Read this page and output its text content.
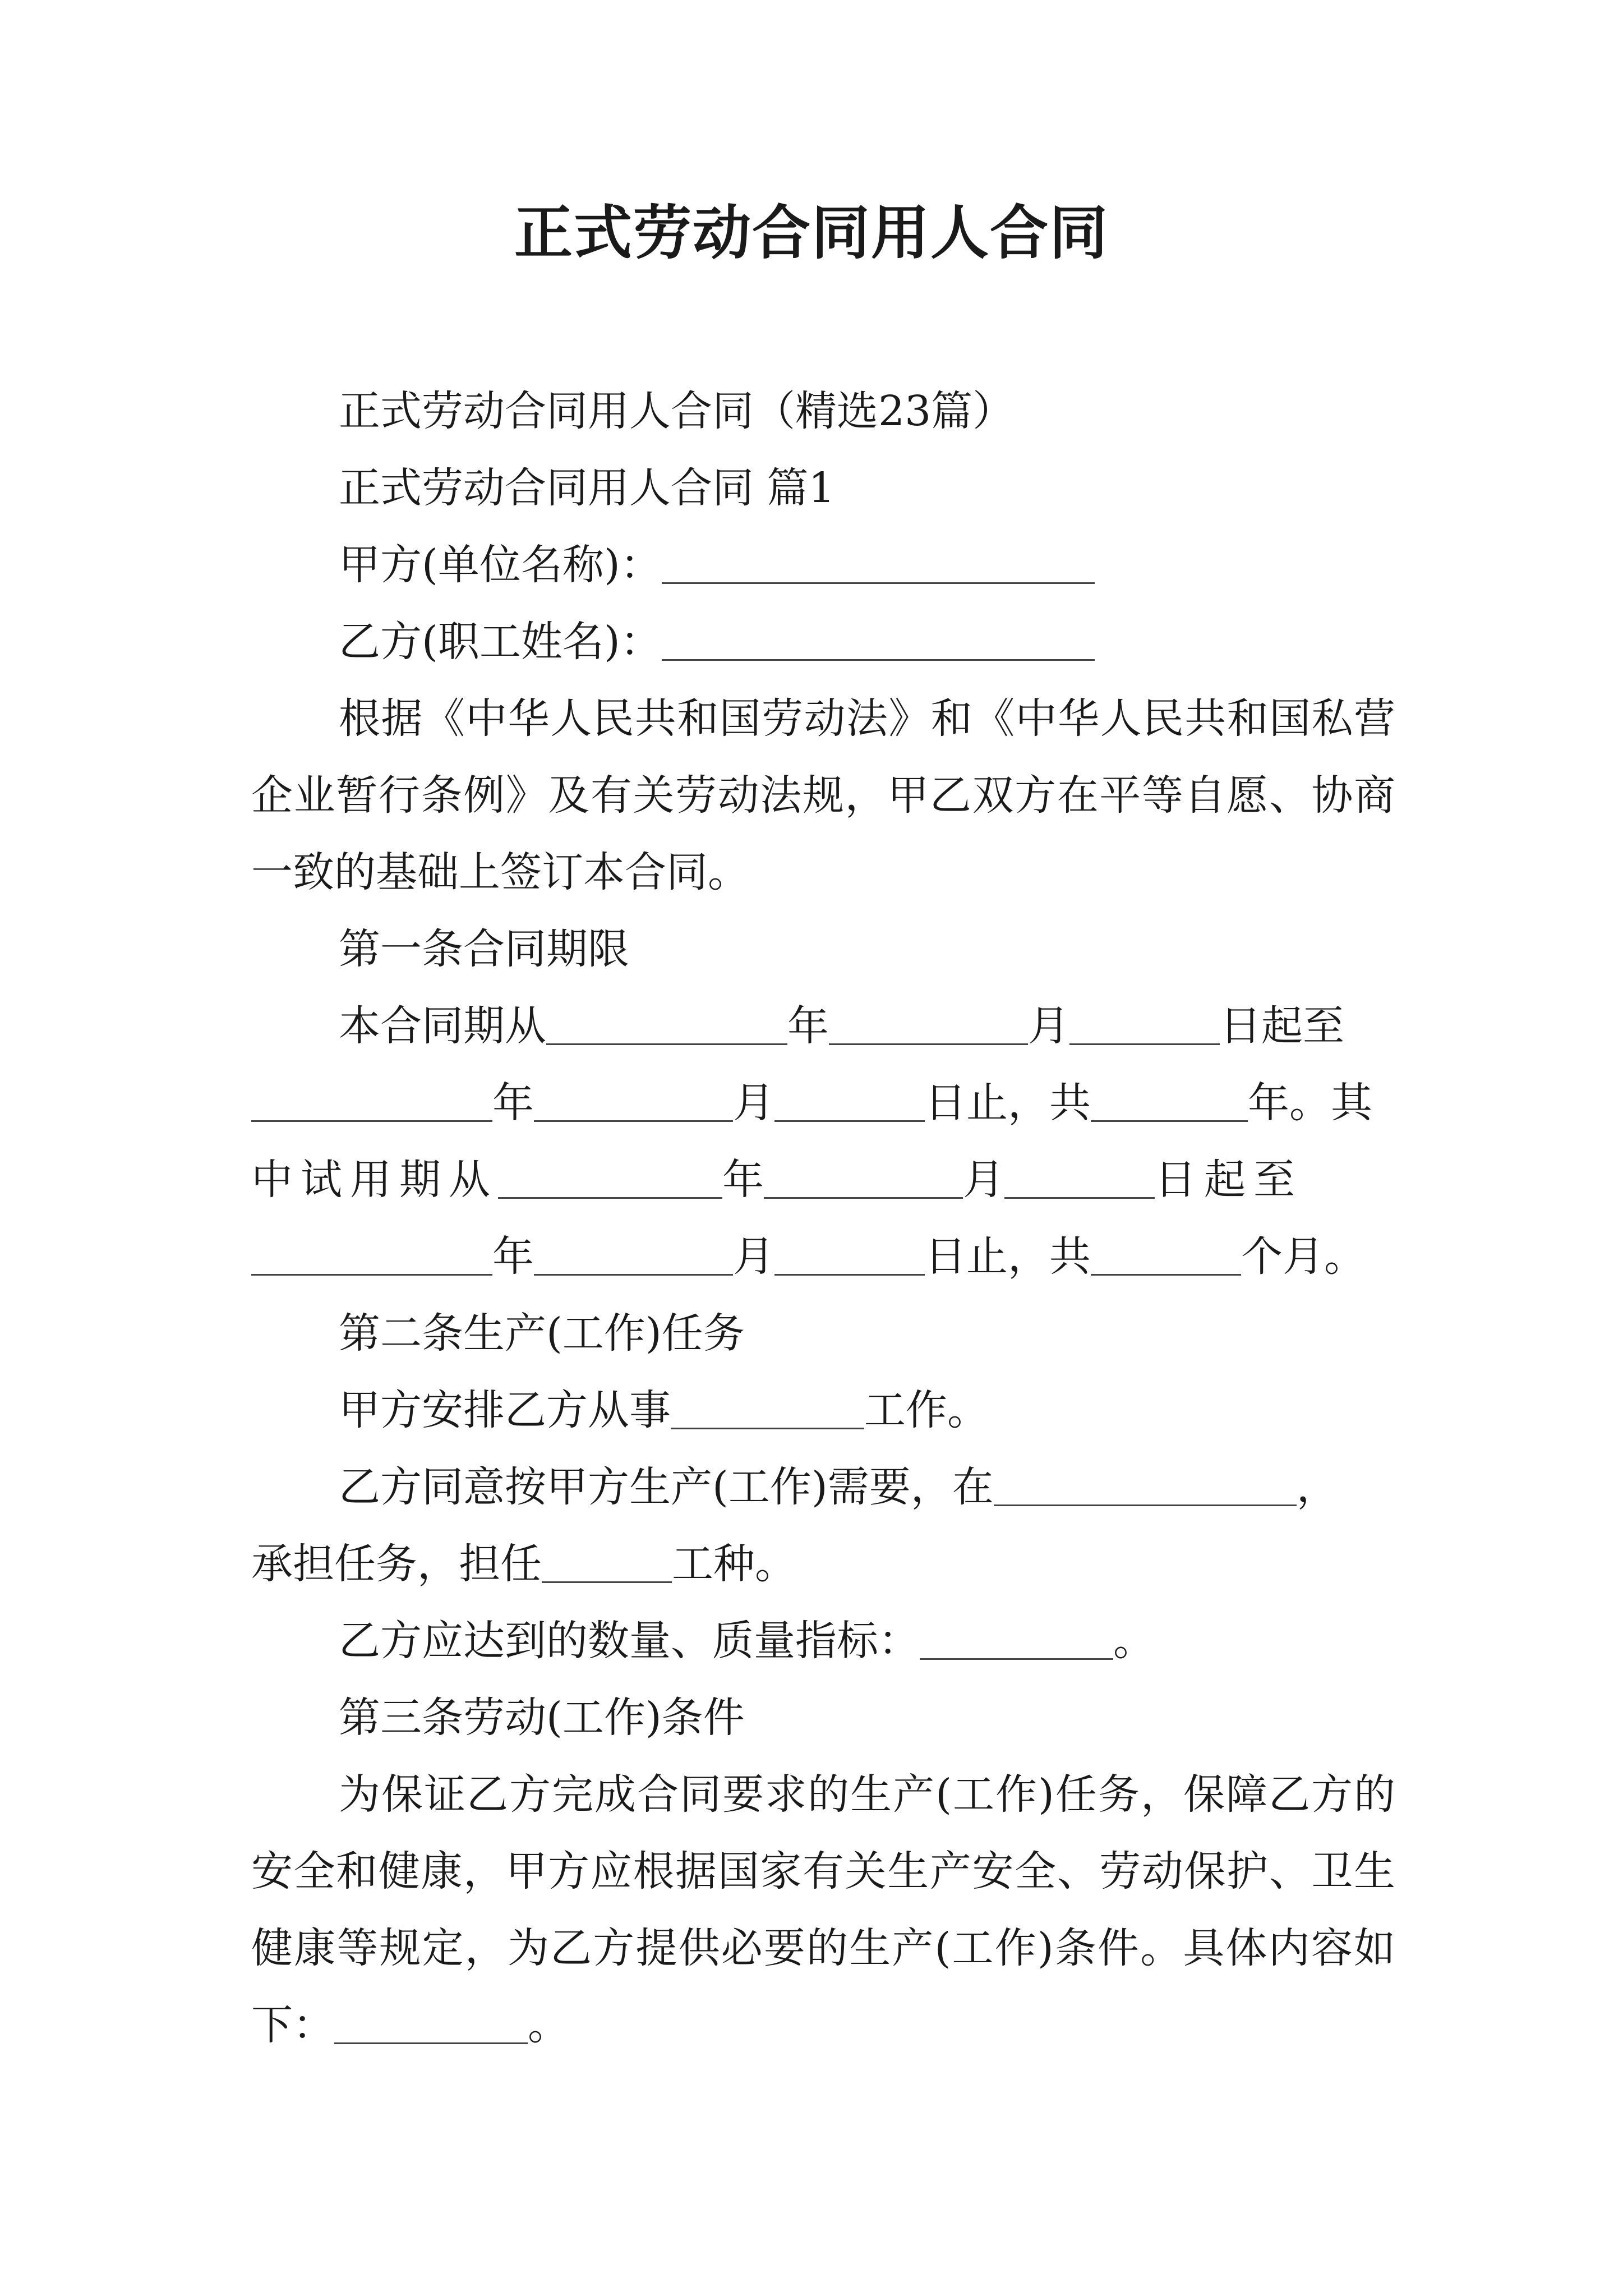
正式劳动合同用人合同
正式劳动合同用人合同（精选23篇）
正式劳动合同用人合同 篇1
甲方(单位名称)：
乙方(职工姓名)：
根据《中华人民共和国劳动法》和《中华人民共和国私营企业暂行条例》及有关劳动法规，甲乙双方在平等自愿、协商一致的基础上签订本合同。
第一条合同期限
本合同期从	年	月	日起至
年	月	日止，共	年。其
中试用期从	年	月	日起至
年	月	日止，共	个月。
第二条生产(工作)任务
甲方安排乙方从事	工作。
乙方同意按甲方生产(工作)需要，在	，
承担任务，担任	工种。
乙方应达到的数量、质量指标：	。
第三条劳动(工作)条件
为保证乙方完成合同要求的生产(工作)任务，保障乙方的安全和健康，甲方应根据国家有关生产安全、劳动保护、卫生健康等规定，为乙方提供必要的生产(工作)条件。具体内容如下：	。
